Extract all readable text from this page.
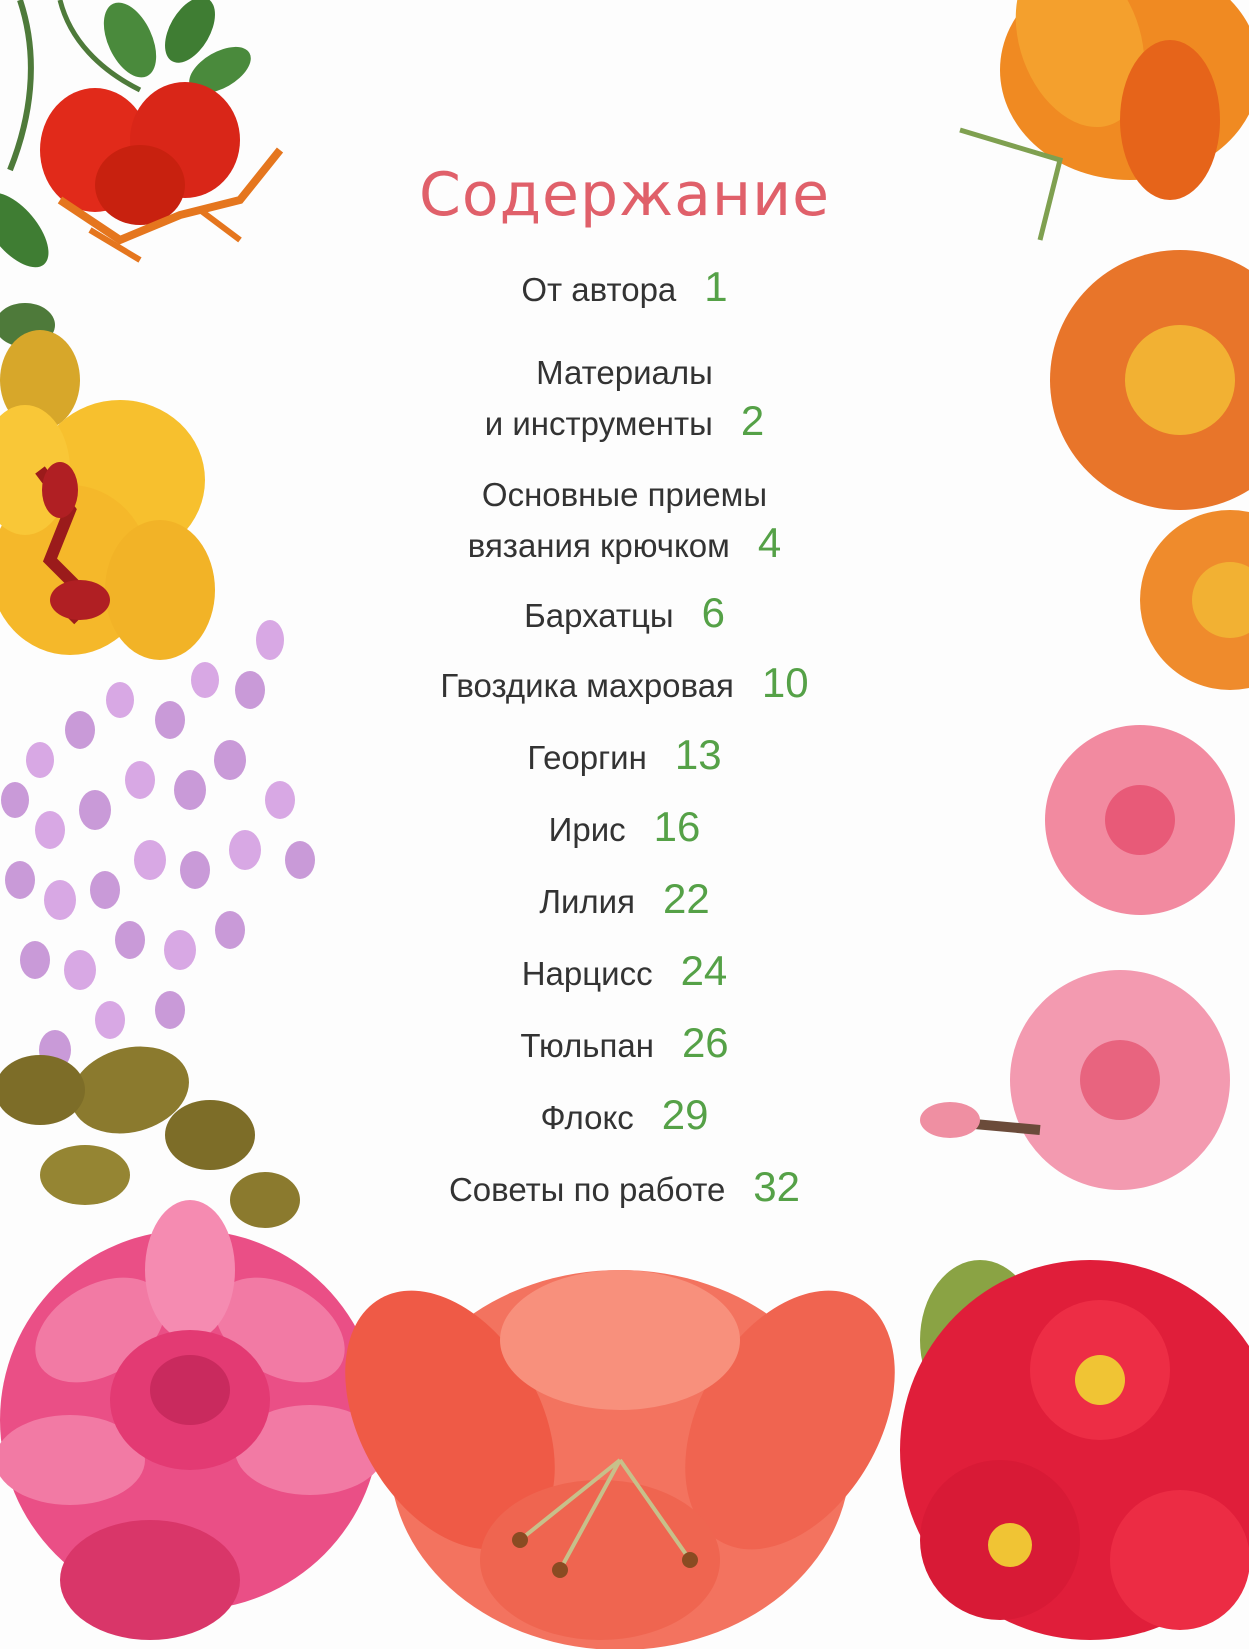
Содержание
От автора 1
Материалы
и инструменты 2
Основные приемы
вязания крючком 4
Бархатцы 6
Гвоздика махровая 10
Георгин 13
Ирис 16
Лилия 22
Нарцисс 24
Тюльпан 26
Флокс 29
Советы по работе 32
